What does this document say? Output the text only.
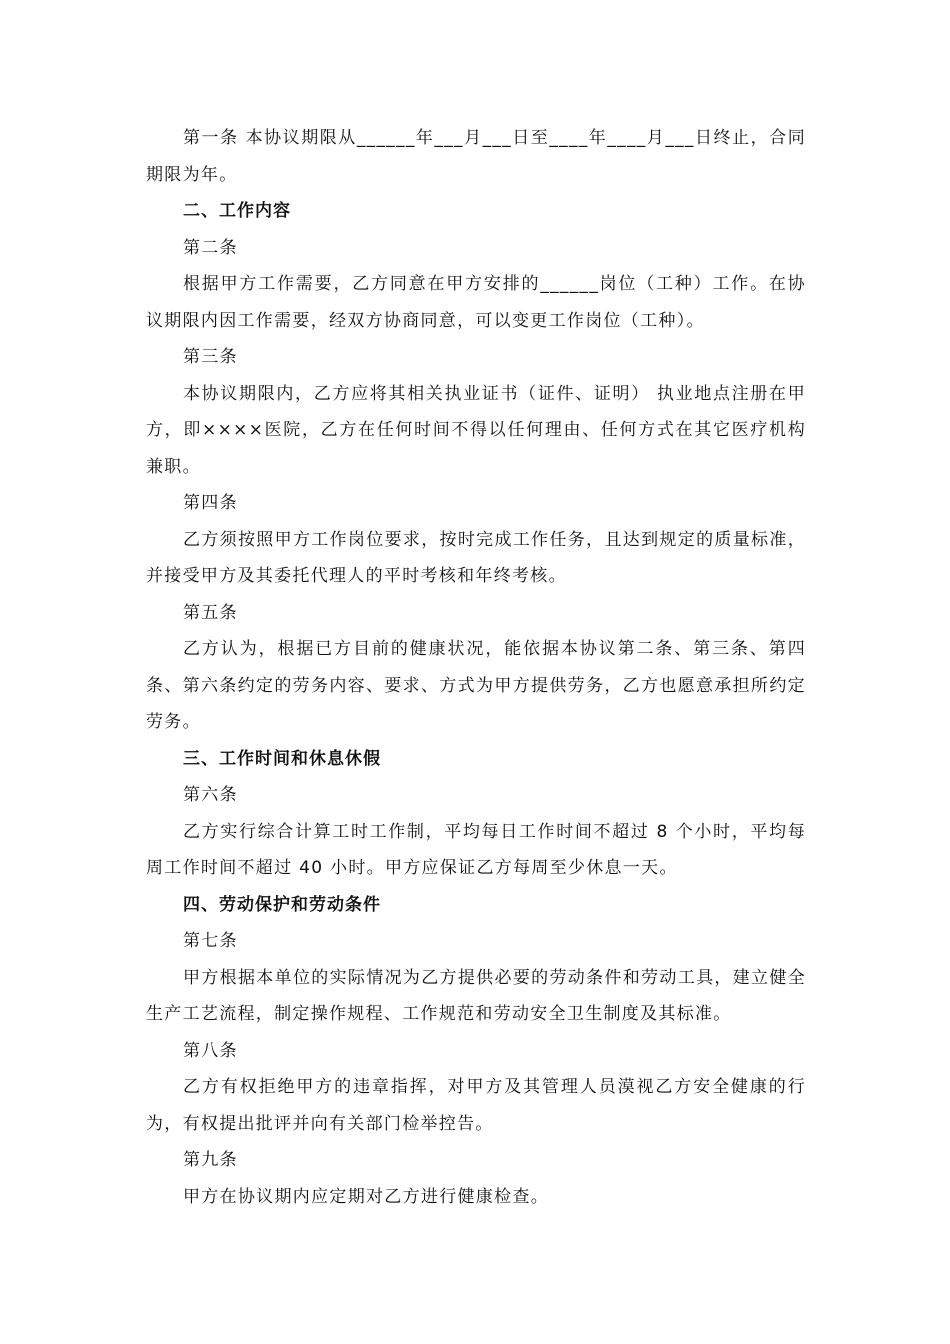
第一条 本协议期限从______年___月___日至____年____月___日终止，合同期限为年。

二、工作内容

第二条

根据甲方工作需要，乙方同意在甲方安排的______岗位（工种）工作。在协议期限内因工作需要，经双方协商同意，可以变更工作岗位（工种）。

第三条

本协议期限内，乙方应将其相关执业证书（证件、证明） 执业地点注册在甲方，即××××医院，乙方在任何时间不得以任何理由、任何方式在其它医疗机构兼职。

第四条

乙方须按照甲方工作岗位要求，按时完成工作任务，且达到规定的质量标准，并接受甲方及其委托代理人的平时考核和年终考核。

第五条

乙方认为，根据已方目前的健康状况，能依据本协议第二条、第三条、第四条、第六条约定的劳务内容、要求、方式为甲方提供劳务，乙方也愿意承担所约定劳务。

三、工作时间和休息休假

第六条

乙方实行综合计算工时工作制，平均每日工作时间不超过 8 个小时，平均每周工作时间不超过 40 小时。甲方应保证乙方每周至少休息一天。

四、劳动保护和劳动条件

第七条

甲方根据本单位的实际情况为乙方提供必要的劳动条件和劳动工具，建立健全生产工艺流程，制定操作规程、工作规范和劳动安全卫生制度及其标准。

第八条

乙方有权拒绝甲方的违章指挥，对甲方及其管理人员漠视乙方安全健康的行为，有权提出批评并向有关部门检举控告。

第九条

甲方在协议期内应定期对乙方进行健康检查。
